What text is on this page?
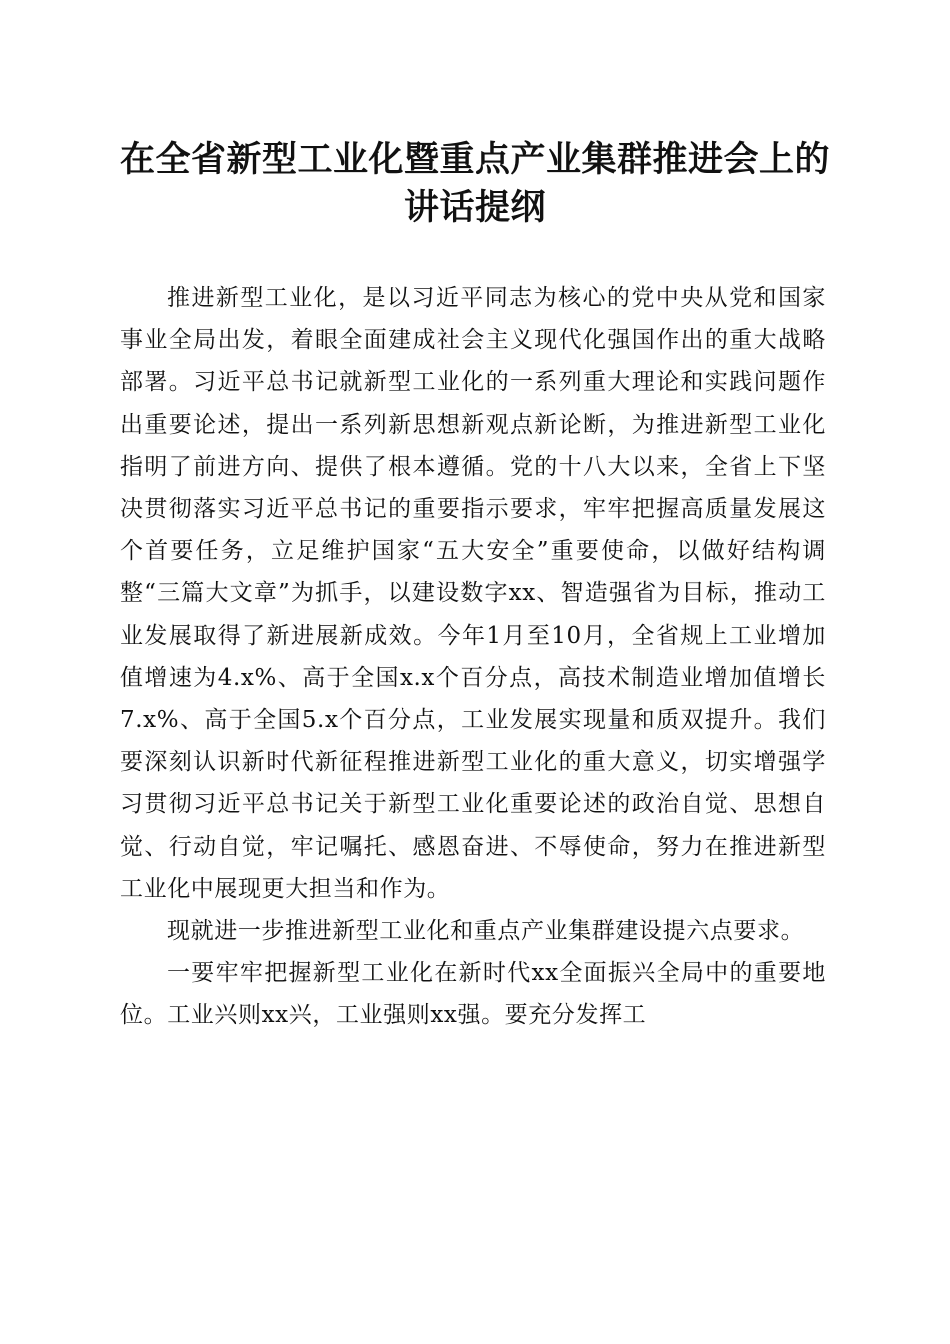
在全省新型工业化暨重点产业集群推进会上的
讲话提纲

推进新型工业化，是以习近平同志为核心的党中央从党和国家事业全局出发，着眼全面建成社会主义现代化强国作出的重大战略部署。习近平总书记就新型工业化的一系列重大理论和实践问题作出重要论述，提出一系列新思想新观点新论断，为推进新型工业化指明了前进方向、提供了根本遵循。党的十八大以来，全省上下坚决贯彻落实习近平总书记的重要指示要求，牢牢把握高质量发展这个首要任务，立足维护国家“五大安全”重要使命，以做好结构调整“三篇大文章”为抓手，以建设数字xx、智造强省为目标，推动工业发展取得了新进展新成效。今年1月至10月，全省规上工业增加值增速为4.x%、高于全国x.x个百分点，高技术制造业增加值增长7.x%、高于全国5.x个百分点，工业发展实现量和质双提升。我们要深刻认识新时代新征程推进新型工业化的重大意义，切实增强学习贯彻习近平总书记关于新型工业化重要论述的政治自觉、思想自觉、行动自觉，牢记嘱托、感恩奋进、不辱使命，努力在推进新型工业化中展现更大担当和作为。

现就进一步推进新型工业化和重点产业集群建设提六点要求。

一要牢牢把握新型工业化在新时代xx全面振兴全局中的重要地位。工业兴则xx兴，工业强则xx强。要充分发挥工
